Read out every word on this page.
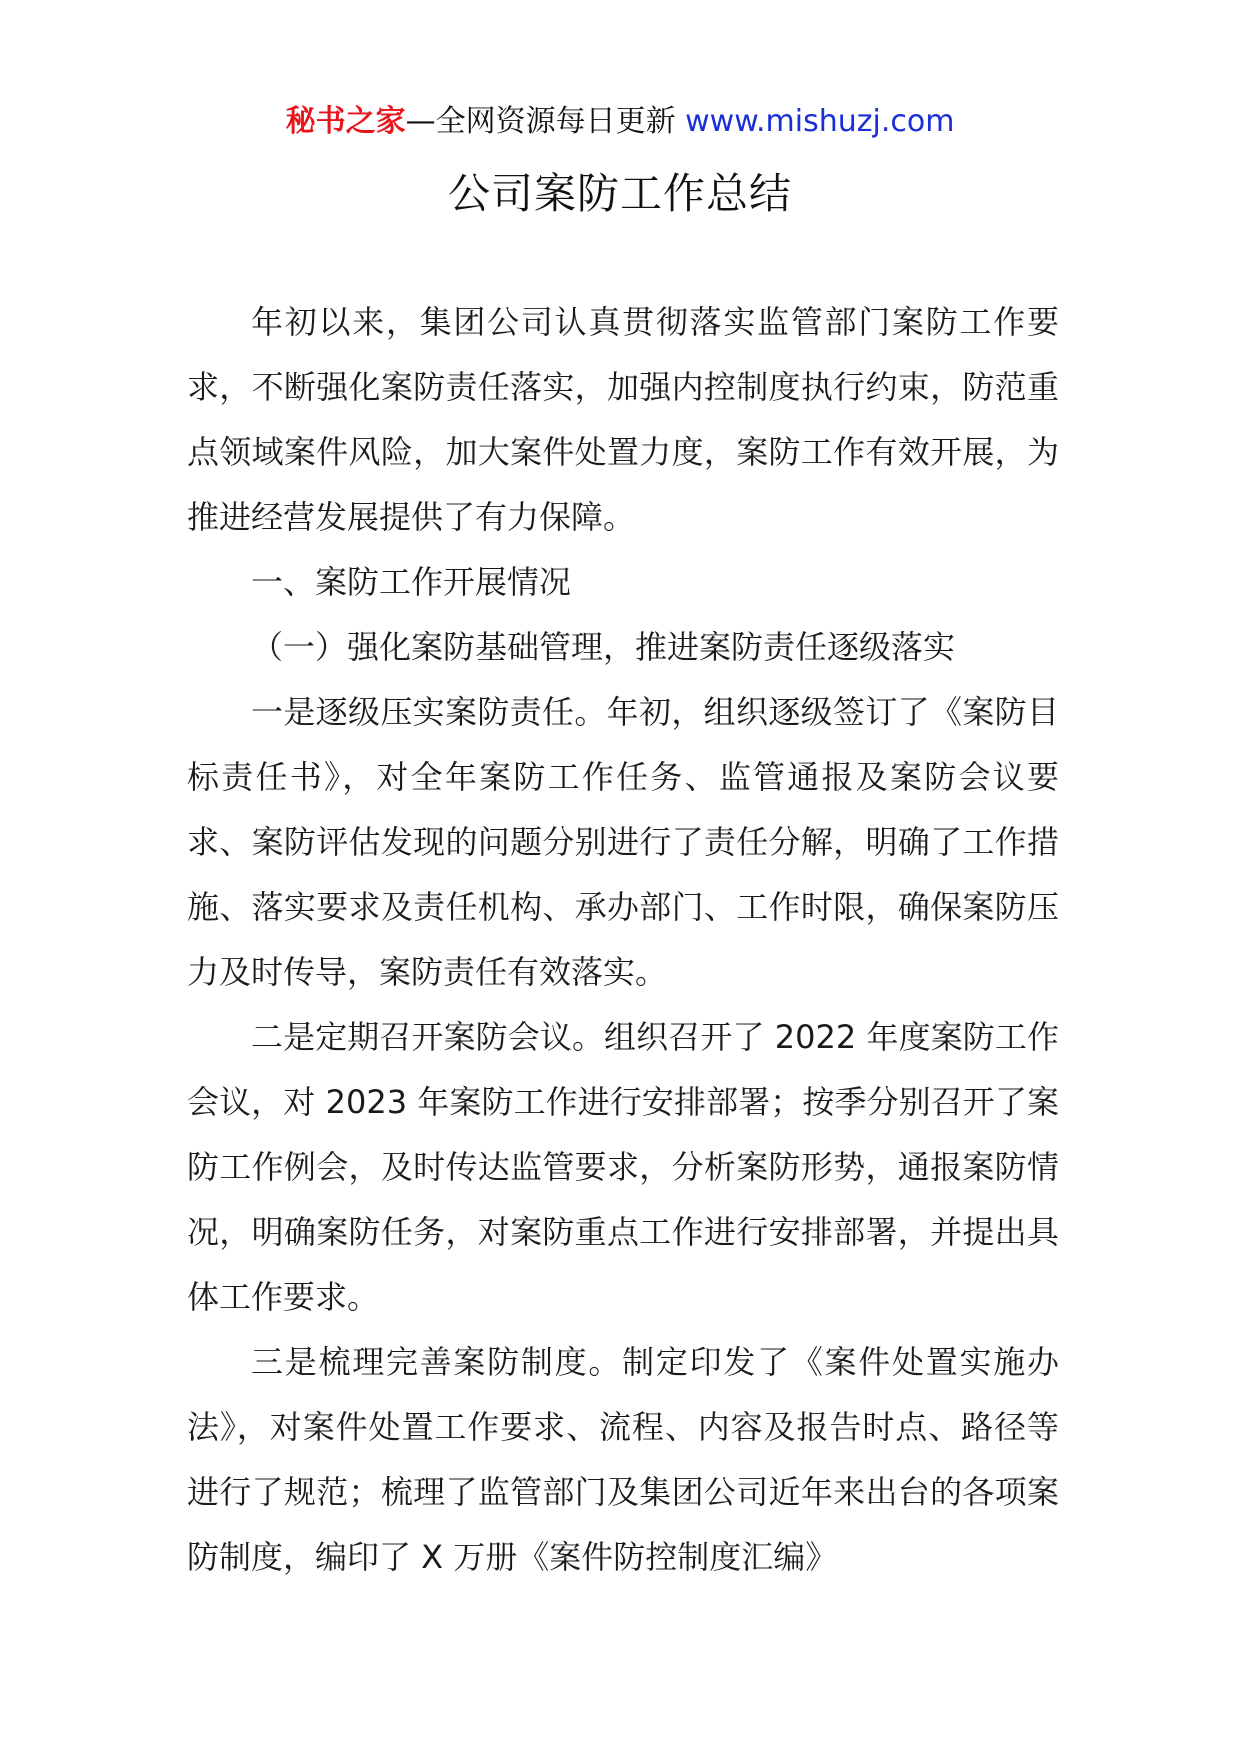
秘书之家—全网资源每日更新 www.mishuzj.com
公司案防工作总结

年初以来，集团公司认真贯彻落实监管部门案防工作要求，不断强化案防责任落实，加强内控制度执行约束，防范重点领域案件风险，加大案件处置力度，案防工作有效开展，为推进经营发展提供了有力保障。

一、案防工作开展情况

（一）强化案防基础管理，推进案防责任逐级落实

一是逐级压实案防责任。年初，组织逐级签订了《案防目标责任书》，对全年案防工作任务、监管通报及案防会议要求、案防评估发现的问题分别进行了责任分解，明确了工作措施、落实要求及责任机构、承办部门、工作时限，确保案防压力及时传导，案防责任有效落实。

二是定期召开案防会议。组织召开了 2022 年度案防工作会议，对 2023 年案防工作进行安排部署；按季分别召开了案防工作例会，及时传达监管要求，分析案防形势，通报案防情况，明确案防任务，对案防重点工作进行安排部署，并提出具体工作要求。

三是梳理完善案防制度。制定印发了《案件处置实施办法》，对案件处置工作要求、流程、内容及报告时点、路径等进行了规范；梳理了监管部门及集团公司近年来出台的各项案防制度，编印了 X 万册《案件防控制度汇编》
